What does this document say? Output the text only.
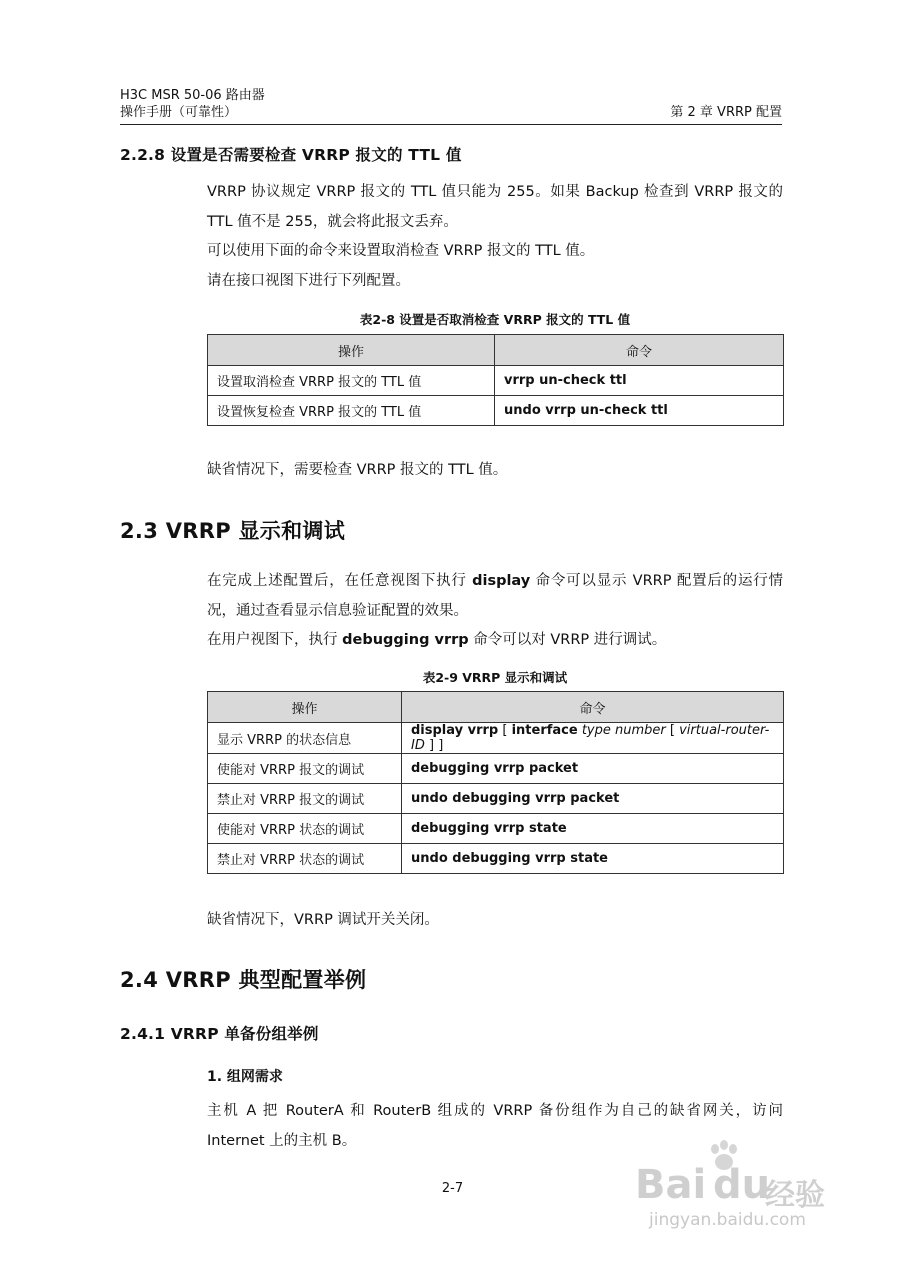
H3C MSR 50-06 路由器
操作手册（可靠性）	第 2 章 VRRP 配置
2.2.8 设置是否需要检查 VRRP 报文的 TTL 值
VRRP 协议规定 VRRP 报文的 TTL 值只能为 255。如果 Backup 检查到 VRRP 报文的 TTL 值不是 255，就会将此报文丢弃。
可以使用下面的命令来设置取消检查 VRRP 报文的 TTL 值。
请在接口视图下进行下列配置。
表2-8 设置是否取消检查 VRRP 报文的 TTL 值
操作	命令
设置取消检查 VRRP 报文的 TTL 值	vrrp un-check ttl
设置恢复检查 VRRP 报文的 TTL 值	undo vrrp un-check ttl
缺省情况下，需要检查 VRRP 报文的 TTL 值。
2.3 VRRP 显示和调试
在完成上述配置后，在任意视图下执行 display 命令可以显示 VRRP 配置后的运行情况，通过查看显示信息验证配置的效果。
在用户视图下，执行 debugging vrrp 命令可以对 VRRP 进行调试。
表2-9 VRRP 显示和调试
操作	命令
显示 VRRP 的状态信息	display vrrp [ interface type number [ virtual-router-ID ] ]
使能对 VRRP 报文的调试	debugging vrrp packet
禁止对 VRRP 报文的调试	undo debugging vrrp packet
使能对 VRRP 状态的调试	debugging vrrp state
禁止对 VRRP 状态的调试	undo debugging vrrp state
缺省情况下，VRRP 调试开关关闭。
2.4 VRRP 典型配置举例
2.4.1 VRRP 单备份组举例
1. 组网需求
主机 A 把 RouterA 和 RouterB 组成的 VRRP 备份组作为自己的缺省网关，访问 Internet 上的主机 B。
2-7	Bai du
经验
jingyan.baidu.com
